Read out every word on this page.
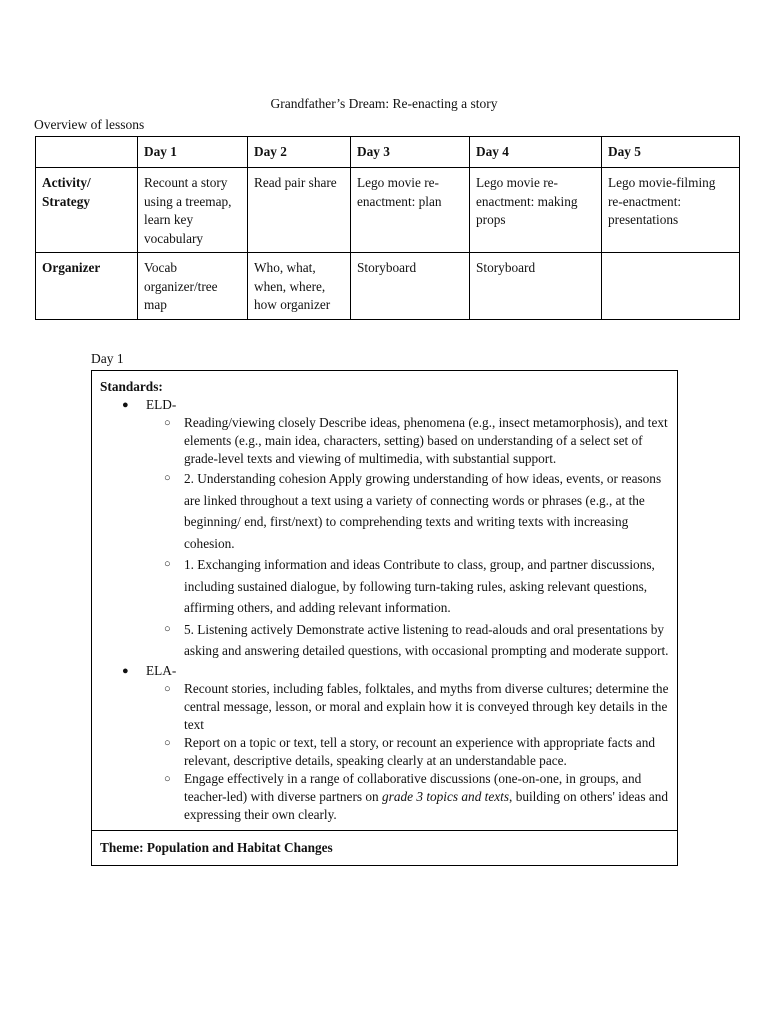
Grandfather’s Dream: Re-enacting a story
Overview of lessons
	Day 1	Day 2	Day 3	Day 4	Day 5
Activity/ Strategy	Recount a story using a treemap, learn key vocabulary	Read pair share	Lego movie re-enactment: plan	Lego movie re-enactment: making props	Lego movie-filming re-enactment: presentations
Organizer	Vocab organizer/tree map	Who, what, when, where, how organizer	Storyboard	Storyboard	
Day 1
Standards:
● ELD-
○ Reading/viewing closely Describe ideas, phenomena (e.g., insect metamorphosis), and text elements (e.g., main idea, characters, setting) based on understanding of a select set of grade-level texts and viewing of multimedia, with substantial support.
○ 2. Understanding cohesion Apply growing understanding of how ideas, events, or reasons are linked throughout a text using a variety of connecting words or phrases (e.g., at the beginning/ end, first/next) to comprehending texts and writing texts with increasing cohesion.
○ 1. Exchanging information and ideas Contribute to class, group, and partner discussions, including sustained dialogue, by following turn-taking rules, asking relevant questions, affirming others, and adding relevant information.
○ 5. Listening actively Demonstrate active listening to read-alouds and oral presentations by asking and answering detailed questions, with occasional prompting and moderate support.
● ELA-
○ Recount stories, including fables, folktales, and myths from diverse cultures; determine the central message, lesson, or moral and explain how it is conveyed through key details in the text
○ Report on a topic or text, tell a story, or recount an experience with appropriate facts and relevant, descriptive details, speaking clearly at an understandable pace.
○ Engage effectively in a range of collaborative discussions (one-on-one, in groups, and teacher-led) with diverse partners on grade 3 topics and texts, building on others' ideas and expressing their own clearly.
Theme: Population and Habitat Changes
